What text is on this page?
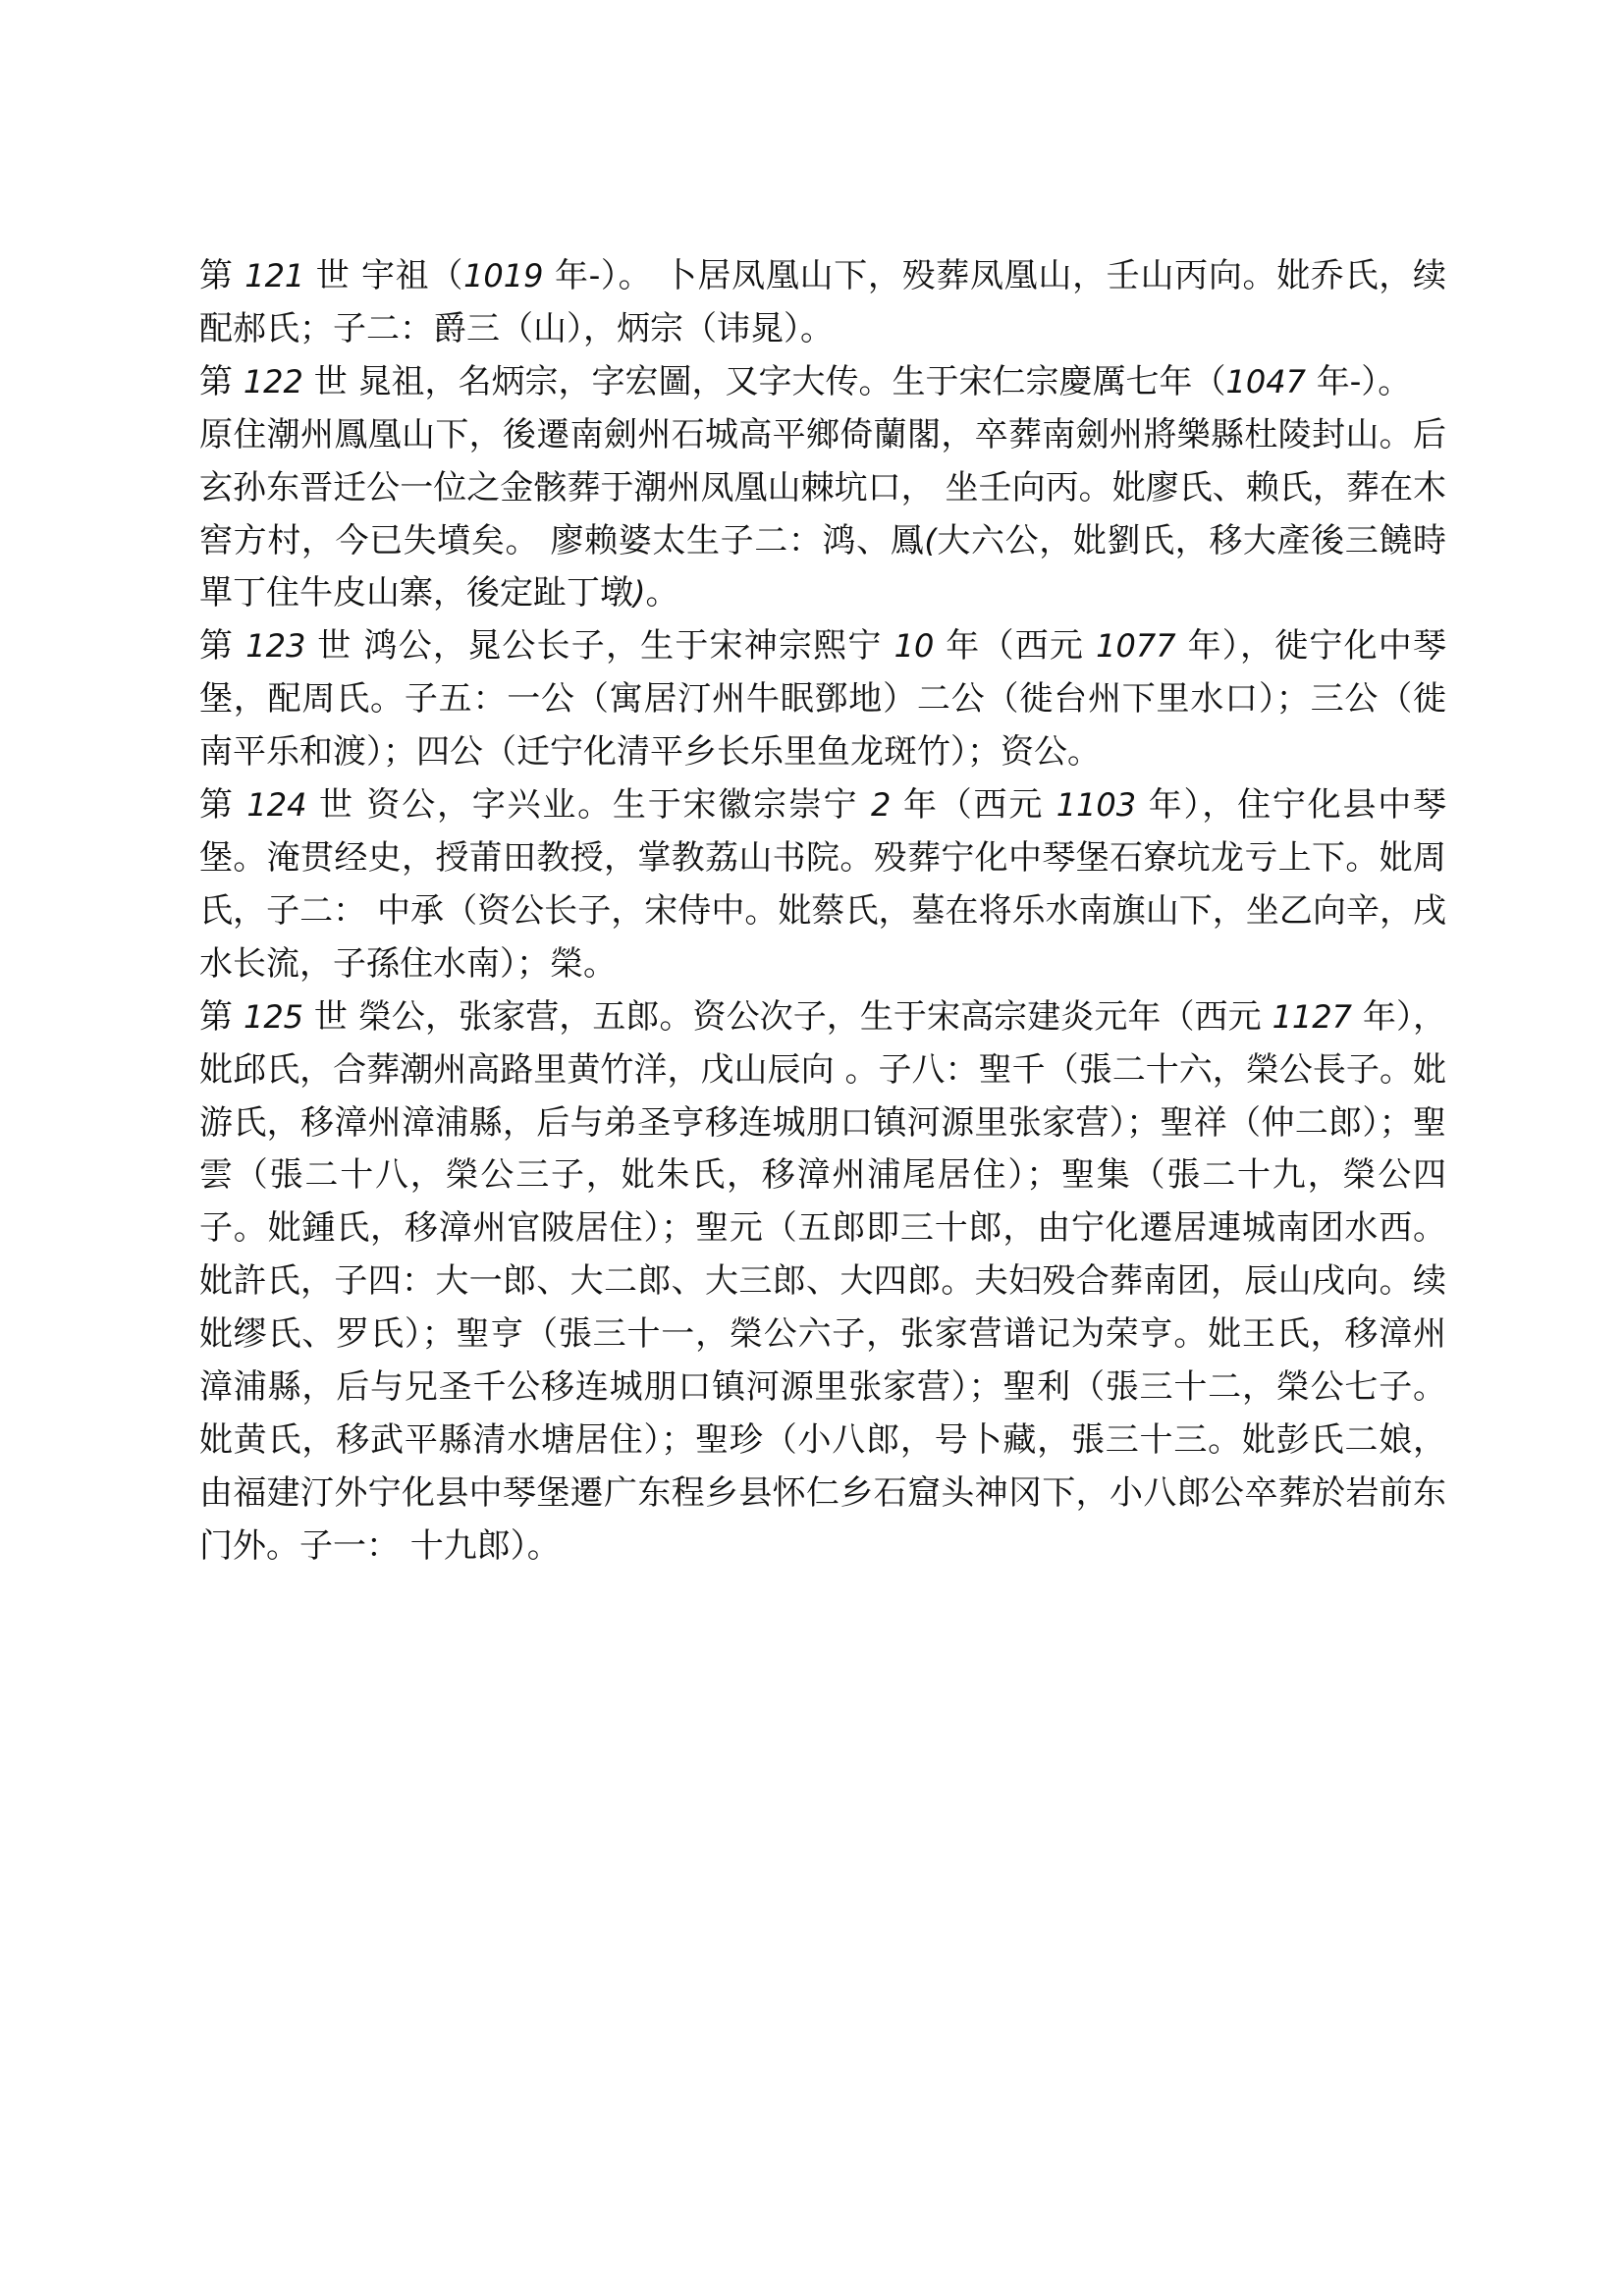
第 121 世 宇祖（1019 年-）。 卜居凤凰山下，殁葬凤凰山，壬山丙向。妣乔氏，续配郝氏；子二：爵三（山），炳宗（讳晁）。

第 122 世 晁祖，名炳宗，字宏圖，又字大传。生于宋仁宗慶厲七年（1047 年-）。

原住潮州鳳凰山下，後遷南劍州石城高平鄉倚蘭閣，卒葬南劍州將樂縣杜陵封山。后玄孙东晋迁公一位之金骸葬于潮州凤凰山棘坑口， 坐壬向丙。妣廖氏、赖氏，葬在木窖方村，今已失墳矣。 廖赖婆太生子二：鸿、鳳(大六公，妣劉氏，移大產後三饒時單丁住牛皮山寨，後定趾丁墩)。

第 123 世 鸿公，晁公长子，生于宋神宗熙宁 10 年（西元 1077 年），徙宁化中琴堡，配周氏。子五：一公（寓居汀州牛眠鄧地）二公（徙台州下里水口）；三公（徙南平乐和渡）；四公（迁宁化清平乡长乐里鱼龙斑竹）；资公。

第 124 世 资公，字兴业。生于宋徽宗崇宁 2 年（西元 1103 年），住宁化县中琴堡。淹贯经史，授莆田教授，掌教荔山书院。殁葬宁化中琴堡石寮坑龙亏上下。妣周氏，子二： 中承（资公长子，宋侍中。妣蔡氏，墓在将乐水南旗山下，坐乙向辛，戌水长流，子孫住水南）；榮。

第 125 世 榮公，张家营，五郎。资公次子，生于宋高宗建炎元年（西元 1127 年），妣邱氏，合葬潮州高路里黄竹洋，戊山辰向 。子八：聖千（張二十六，榮公長子。妣游氏，移漳州漳浦縣，后与弟圣亨移连城朋口镇河源里张家营）；聖祥（仲二郎）；聖雲（張二十八，榮公三子，妣朱氏，移漳州浦尾居住）；聖集（張二十九，榮公四子。妣鍾氏，移漳州官陂居住）；聖元（五郎即三十郎，由宁化遷居連城南团水西。妣許氏，子四：大一郎、大二郎、大三郎、大四郎。夫妇殁合葬南团，辰山戌向。续妣缪氏、罗氏）；聖亨（張三十一，榮公六子，张家营谱记为荣亨。妣王氏，移漳州漳浦縣，后与兄圣千公移连城朋口镇河源里张家营）；聖利（張三十二，榮公七子。妣黄氏，移武平縣清水塘居住）；聖珍（小八郎，号卜藏，張三十三。妣彭氏二娘，由福建汀外宁化县中琴堡遷广东程乡县怀仁乡石窟头神冈下，小八郎公卒葬於岩前东门外。子一： 十九郎）。
